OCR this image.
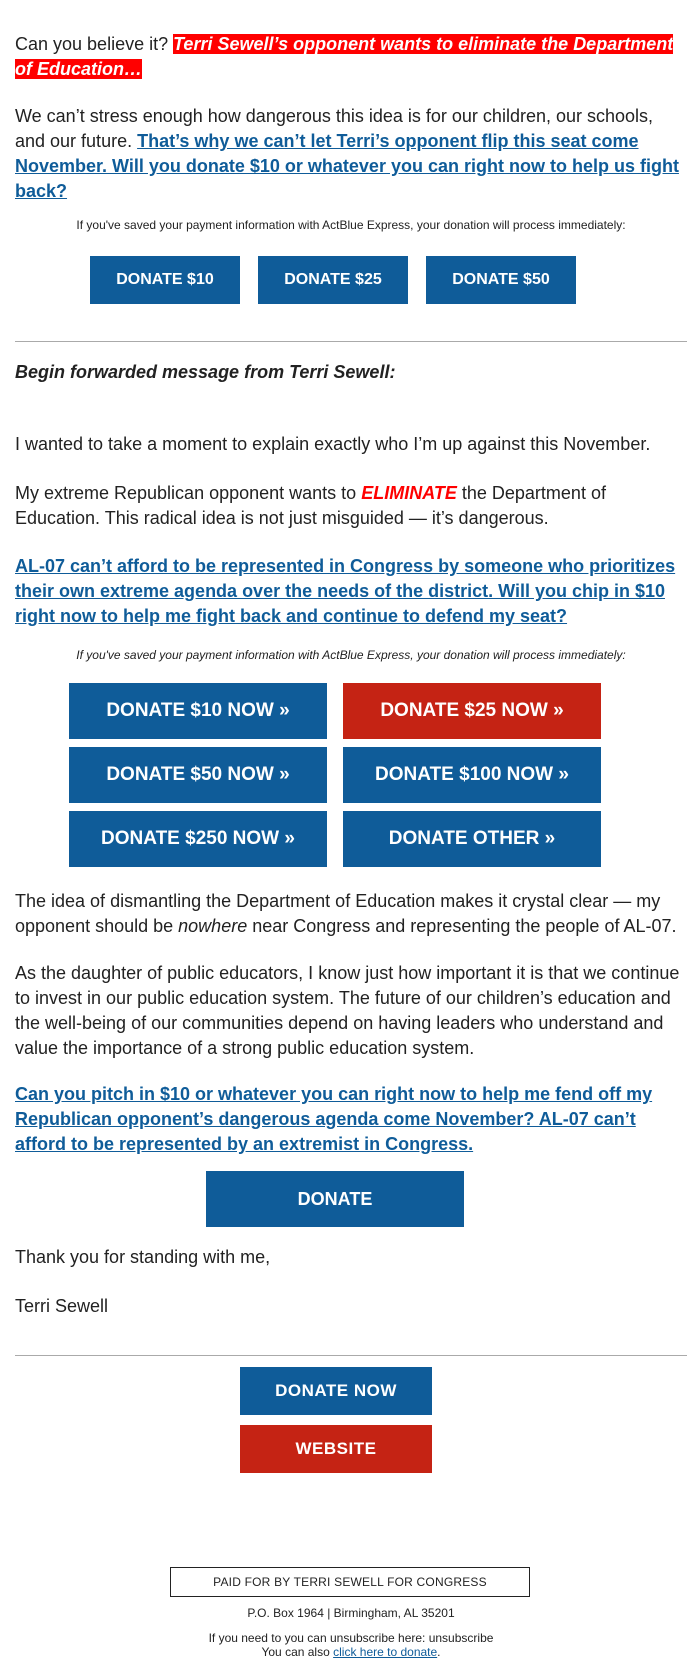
Can you believe it? Terri Sewell’s opponent wants to eliminate the Department of Education…

We can’t stress enough how dangerous this idea is for our children, our schools, and our future. That’s why we can’t let Terri’s opponent flip this seat come November. Will you donate $10 or whatever you can right now to help us fight back?

If you've saved your payment information with ActBlue Express, your donation will process immediately:
DONATE $10	DONATE $25	DONATE $50
Begin forwarded message from Terri Sewell:
I wanted to take a moment to explain exactly who I’m up against this November.

My extreme Republican opponent wants to ELIMINATE the Department of Education. This radical idea is not just misguided — it’s dangerous.

AL-07 can’t afford to be represented in Congress by someone who prioritizes their own extreme agenda over the needs of the district. Will you chip in $10 right now to help me fight back and continue to defend my seat?

If you've saved your payment information with ActBlue Express, your donation will process immediately:
DONATE $10 NOW »	DONATE $25 NOW »
DONATE $50 NOW »	DONATE $100 NOW »
DONATE $250 NOW »	DONATE OTHER »

The idea of dismantling the Department of Education makes it crystal clear — my opponent should be nowhere near Congress and representing the people of AL-07.

As the daughter of public educators, I know just how important it is that we continue to invest in our public education system. The future of our children’s education and the well-being of our communities depend on having leaders who understand and value the importance of a strong public education system.

Can you pitch in $10 or whatever you can right now to help me fend off my Republican opponent’s dangerous agenda come November? AL-07 can’t afford to be represented by an extremist in Congress.

DONATE
Thank you for standing with me,
Terri Sewell
DONATE NOW
WEBSITE
PAID FOR BY TERRI SEWELL FOR CONGRESS
P.O. Box 1964 | Birmingham, AL 35201
If you need to you can unsubscribe here: unsubscribe
You can also click here to donate.
